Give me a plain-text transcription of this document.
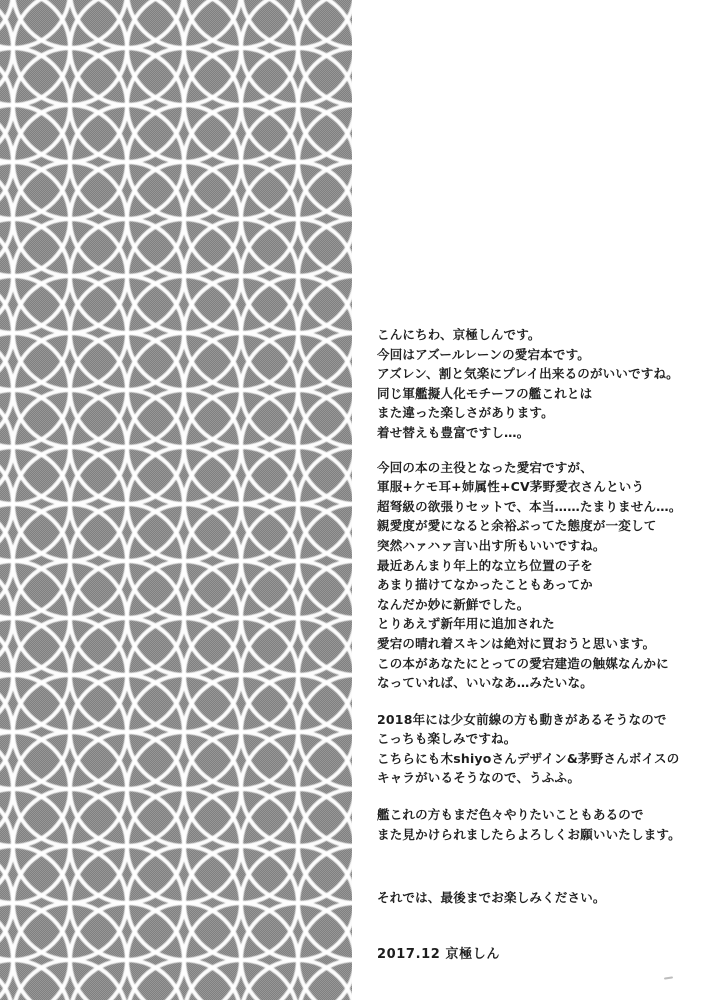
こんにちわ、京極しんです。
今回はアズールレーンの愛宕本です。
アズレン、割と気楽にプレイ出来るのがいいですね。
同じ軍艦擬人化モチーフの艦これとは
また違った楽しさがあります。
着せ替えも豊富ですし…。

今回の本の主役となった愛宕ですが、
軍服+ケモ耳+姉属性+CV茅野愛衣さんという
超弩級の欲張りセットで、本当……たまりません…。
親愛度が愛になると余裕ぶってた態度が一変して
突然ハァハァ言い出す所もいいですね。
最近あんまり年上的な立ち位置の子を
あまり描けてなかったこともあってか
なんだか妙に新鮮でした。
とりあえず新年用に追加された
愛宕の晴れ着スキンは絶対に買おうと思います。
この本があなたにとっての愛宕建造の触媒なんかに
なっていれば、いいなあ…みたいな。

2018年には少女前線の方も動きがあるそうなので
こっちも楽しみですね。
こちらにも木shiyoさんデザイン&茅野さんボイスの
キャラがいるそうなので、うふふ。

艦これの方もまだ色々やりたいこともあるので
また見かけられましたらよろしくお願いいたします。

それでは、最後までお楽しみください。

2017.12 京極しん
